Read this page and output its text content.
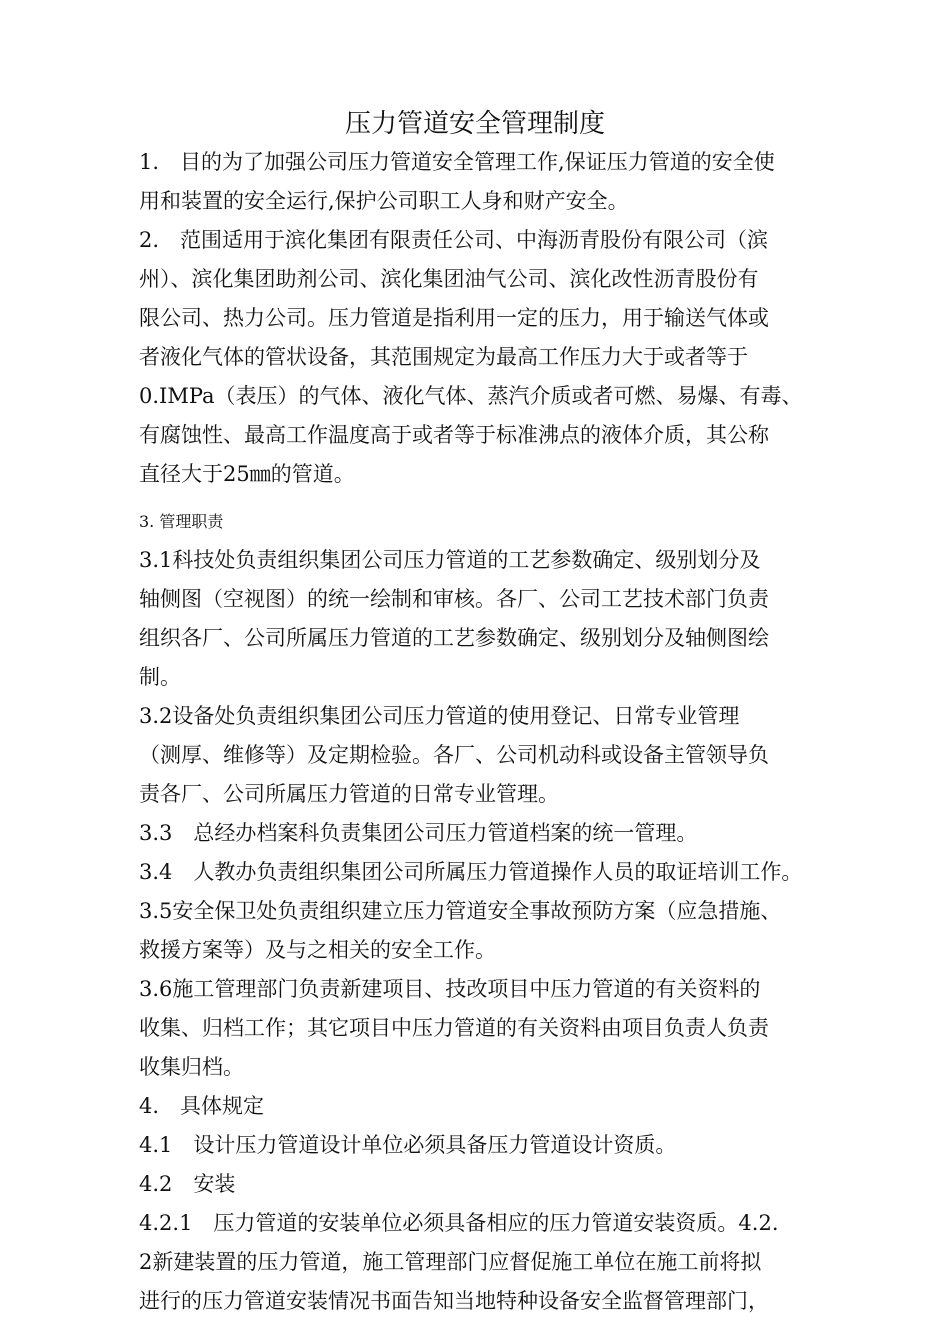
压力管道安全管理制度
1.　目的为了加强公司压力管道安全管理工作,保证压力管道的安全使
用和装置的安全运行,保护公司职工人身和财产安全。
2.　范围适用于滨化集团有限责任公司、中海沥青股份有限公司（滨
州）、滨化集团助剂公司、滨化集团油气公司、滨化改性沥青股份有
限公司、热力公司。压力管道是指利用一定的压力，用于输送气体或
者液化气体的管状设备，其范围规定为最高工作压力大于或者等于
0.IMPa（表压）的气体、液化气体、蒸汽介质或者可燃、易爆、有毒、
有腐蚀性、最高工作温度高于或者等于标准沸点的液体介质，其公称
直径大于25㎜的管道。
3. 管理职责
3.1科技处负责组织集团公司压力管道的工艺参数确定、级别划分及
轴侧图（空视图）的统一绘制和审核。各厂、公司工艺技术部门负责
组织各厂、公司所属压力管道的工艺参数确定、级别划分及轴侧图绘
制。
3.2设备处负责组织集团公司压力管道的使用登记、日常专业管理
（测厚、维修等）及定期检验。各厂、公司机动科或设备主管领导负
责各厂、公司所属压力管道的日常专业管理。
3.3　总经办档案科负责集团公司压力管道档案的统一管理。
3.4　人教办负责组织集团公司所属压力管道操作人员的取证培训工作。
3.5安全保卫处负责组织建立压力管道安全事故预防方案（应急措施、
救援方案等）及与之相关的安全工作。
3.6施工管理部门负责新建项目、技改项目中压力管道的有关资料的
收集、归档工作；其它项目中压力管道的有关资料由项目负责人负责
收集归档。
4.　具体规定
4.1　设计压力管道设计单位必须具备压力管道设计资质。
4.2　安装
4.2.1　压力管道的安装单位必须具备相应的压力管道安装资质。4.2.
2新建装置的压力管道，施工管理部门应督促施工单位在施工前将拟
进行的压力管道安装情况书面告知当地特种设备安全监督管理部门，
